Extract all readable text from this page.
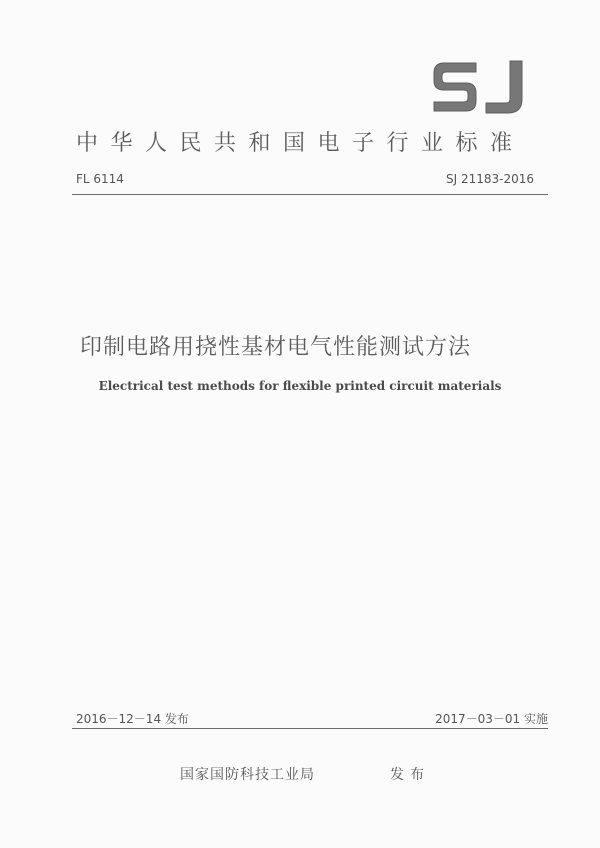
中华人民共和国电子行业标准
FL 6114	SJ 21183-2016
印制电路用挠性基材电气性能测试方法
Electrical test methods for flexible printed circuit materials
2016－12－14 发布	2017－03－01 实施
国家国防科技工业局	发布
